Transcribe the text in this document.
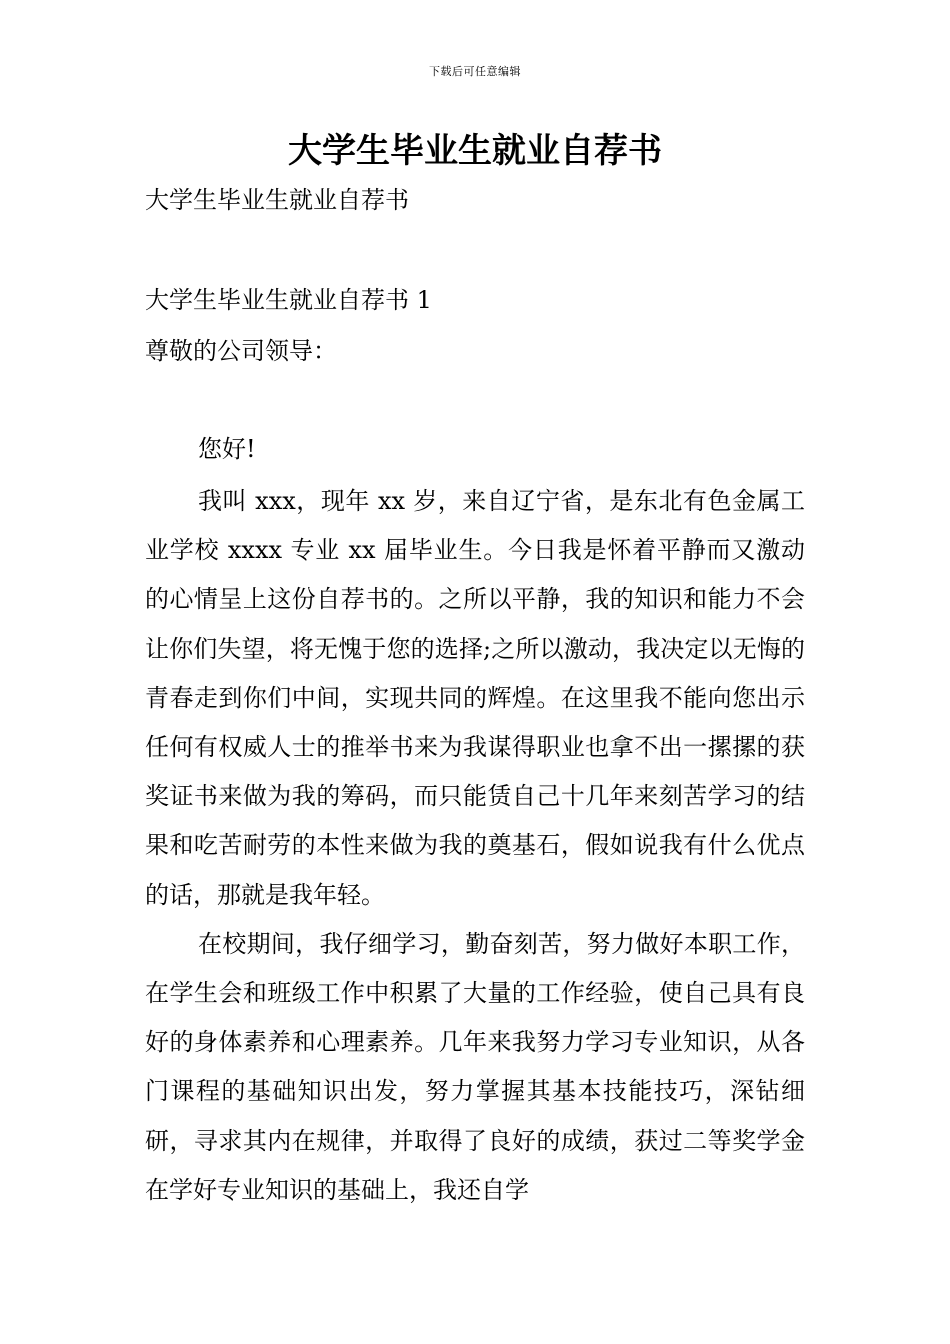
下载后可任意编辑
大学生毕业生就业自荐书
大学生毕业生就业自荐书
大学生毕业生就业自荐书 1
尊敬的公司领导：
您好!

我叫 xxx，现年 xx 岁，来自辽宁省，是东北有色金属工业学校 xxxx 专业 xx 届毕业生。今日我是怀着平静而又激动的心情呈上这份自荐书的。之所以平静，我的知识和能力不会让你们失望，将无愧于您的选择;之所以激动，我决定以无悔的青春走到你们中间，实现共同的辉煌。在这里我不能向您出示任何有权威人士的推举书来为我谋得职业也拿不出一摞摞的获奖证书来做为我的筹码，而只能赁自己十几年来刻苦学习的结果和吃苦耐劳的本性来做为我的奠基石，假如说我有什么优点的话，那就是我年轻。

在校期间，我仔细学习，勤奋刻苦，努力做好本职工作，在学生会和班级工作中积累了大量的工作经验，使自己具有良好的身体素养和心理素养。几年来我努力学习专业知识，从各门课程的基础知识出发，努力掌握其基本技能技巧，深钻细研，寻求其内在规律，并取得了良好的成绩，获过二等奖学金在学好专业知识的基础上，我还自学
